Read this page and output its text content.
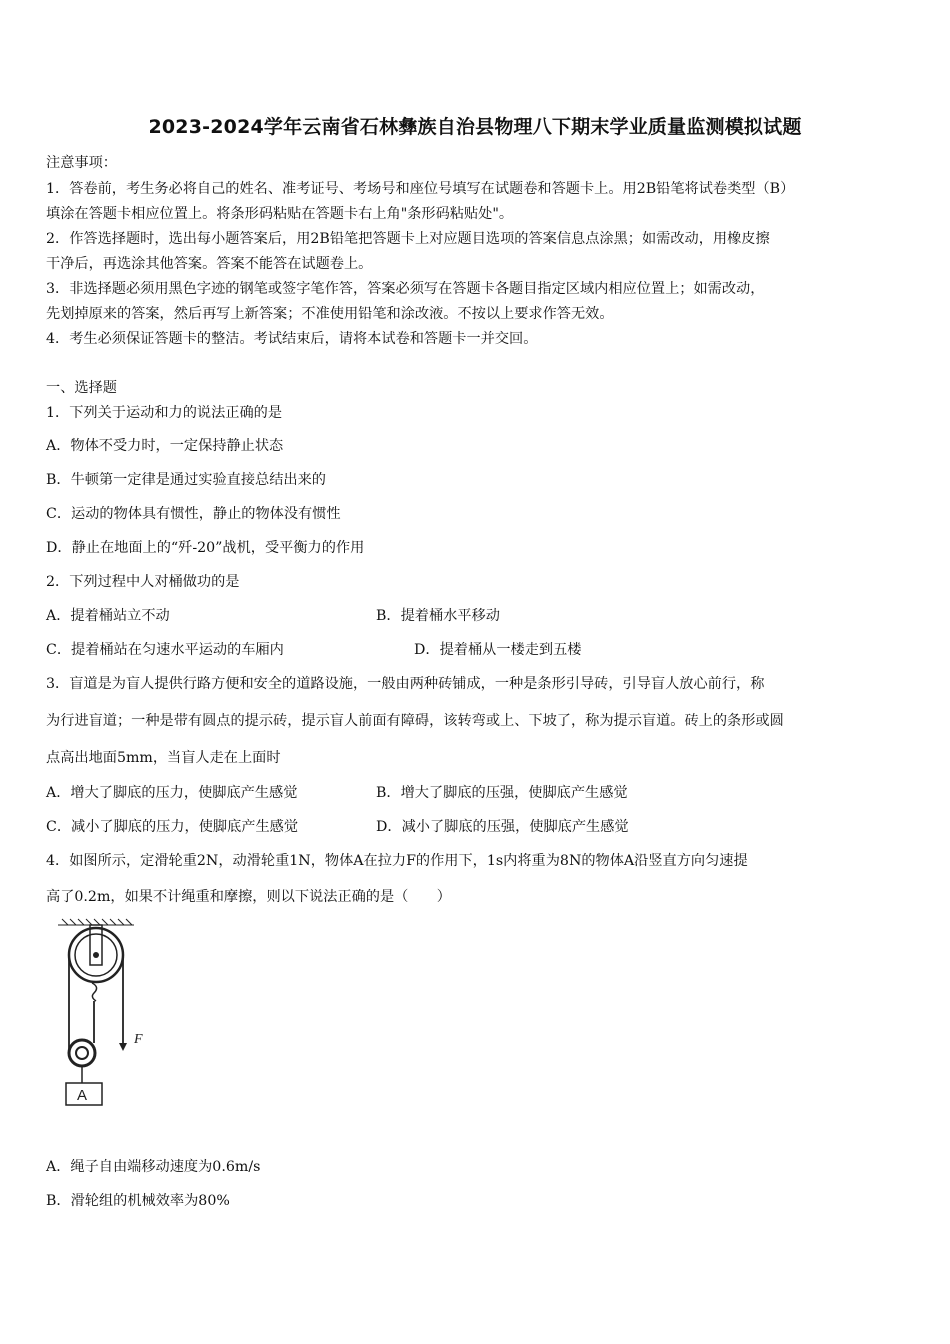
2023-2024学年云南省石林彝族自治县物理八下期末学业质量监测模拟试题
注意事项：
1．答卷前，考生务必将自己的姓名、准考证号、考场号和座位号填写在试题卷和答题卡上。用2B铅笔将试卷类型（B）
填涂在答题卡相应位置上。将条形码粘贴在答题卡右上角"条形码粘贴处"。
2．作答选择题时，选出每小题答案后，用2B铅笔把答题卡上对应题目选项的答案信息点涂黑；如需改动，用橡皮擦
干净后，再选涂其他答案。答案不能答在试题卷上。
3．非选择题必须用黑色字迹的钢笔或签字笔作答，答案必须写在答题卡各题目指定区域内相应位置上；如需改动，
先划掉原来的答案，然后再写上新答案；不准使用铅笔和涂改液。不按以上要求作答无效。
4．考生必须保证答题卡的整洁。考试结束后，请将本试卷和答题卡一并交回。
一、选择题
1．下列关于运动和力的说法正确的是
A．物体不受力时，一定保持静止状态
B．牛顿第一定律是通过实验直接总结出来的
C．运动的物体具有惯性，静止的物体没有惯性
D．静止在地面上的“歼-20”战机，受平衡力的作用
2．下列过程中人对桶做功的是
A．提着桶站立不动	B．提着桶水平移动
C．提着桶站在匀速水平运动的车厢内	D．提着桶从一楼走到五楼
3．盲道是为盲人提供行路方便和安全的道路设施，一般由两种砖铺成，一种是条形引导砖，引导盲人放心前行，称
为行进盲道；一种是带有圆点的提示砖，提示盲人前面有障碍，该转弯或上、下坡了，称为提示盲道。砖上的条形或圆
点高出地面5mm，当盲人走在上面时
A．增大了脚底的压力，使脚底产生感觉	B．增大了脚底的压强，使脚底产生感觉
C．减小了脚底的压力，使脚底产生感觉	D．减小了脚底的压强，使脚底产生感觉
4．如图所示，定滑轮重2N，动滑轮重1N，物体A在拉力F的作用下，1s内将重为8N的物体A沿竖直方向匀速提
高了0.2m，如果不计绳重和摩擦，则以下说法正确的是（　　）
F
A
A．绳子自由端移动速度为0.6m/s
B．滑轮组的机械效率为80%
